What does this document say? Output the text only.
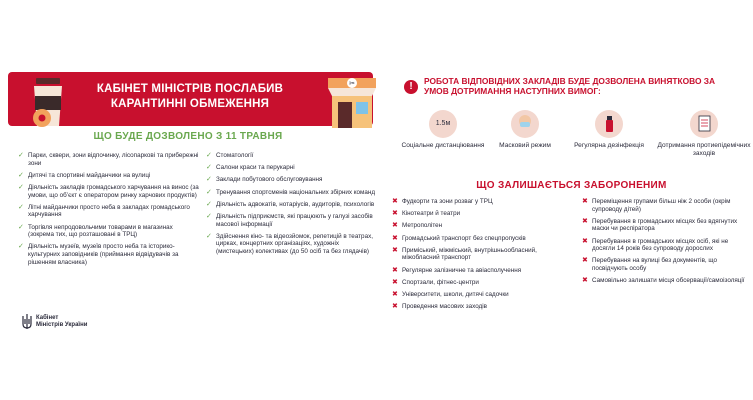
КАБІНЕТ МІНІСТРІВ ПОСЛАБИВ КАРАНТИННІ ОБМЕЖЕННЯ
✂
ЩО БУДЕ ДОЗВОЛЕНО З 11 ТРАВНЯ
✓ Парки, сквери, зони відпочинку, лісопаркові та прибережні зони
✓ Дитячі та спортивні майданчики на вулиці
✓ Діяльність закладів громадського харчування на винос (за умови, що об’єкт є оператором ринку харчових продуктів)
✓ Літні майданчики просто неба в закладах громадського харчування
✓ Торгівля непродовольчими товарами в магазинах (зокрема тих, що розташовані в ТРЦ)
✓ Діяльність музеїв, музеїв просто неба та історико-культурних заповідників (приймання відвідувачів за рішенням власника)
✓ Стоматології
✓ Салони краси та перукарні
✓ Заклади побутового обслуговування
✓ Тренування спортсменів національних збірних команд
✓ Діяльність адвокатів, нотаріусів, аудиторів, психологів
✓ Діяльність підприємств, які працюють у галузі засобів масової інформації
✓ Здійснення кіно- та відеозйомок, репетицій в театрах, цирках, концертних організаціях, художніх (мистецьких) колективах (до 50 осіб та без глядачів)
Кабінет
Міністрів України
!	РОБОТА ВІДПОВІДНИХ ЗАКЛАДІВ БУДЕ ДОЗВОЛЕНА ВИНЯТКОВО ЗА УМОВ ДОТРИМАННЯ НАСТУПНИХ ВИМОГ:
1.5м
Соціальне дистанціювання	Масковий режим	Регулярна дезінфекція	Дотримання протиепідемічних заходів
ЩО ЗАЛИШАЄТЬСЯ ЗАБОРОНЕНИМ
✖ Фудкорти та зони розваг у ТРЦ
✖ Кінотеатри й театри
✖ Метрополітен
✖ Громадський транспорт без спецпропусків
✖ Приміський, міжміський, внутрішньообласний, міжобласний транспорт
✖ Регулярне залізничне та авіасполучення
✖ Спортзали, фітнес-центри
✖ Університети, школи, дитячі садочки
✖ Проведення масових заходів
✖ Переміщення групами більш ніж 2 особи (окрім супроводу дітей)
✖ Перебування в громадських місцях без вдягнутих маски чи респіратора
✖ Перебування в громадських місцях осіб, які не досягли 14 років без супроводу дорослих
✖ Перебування на вулиці без документів, що посвідчують особу
✖ Самовільно залишати місця обсервації/самоізоляції
